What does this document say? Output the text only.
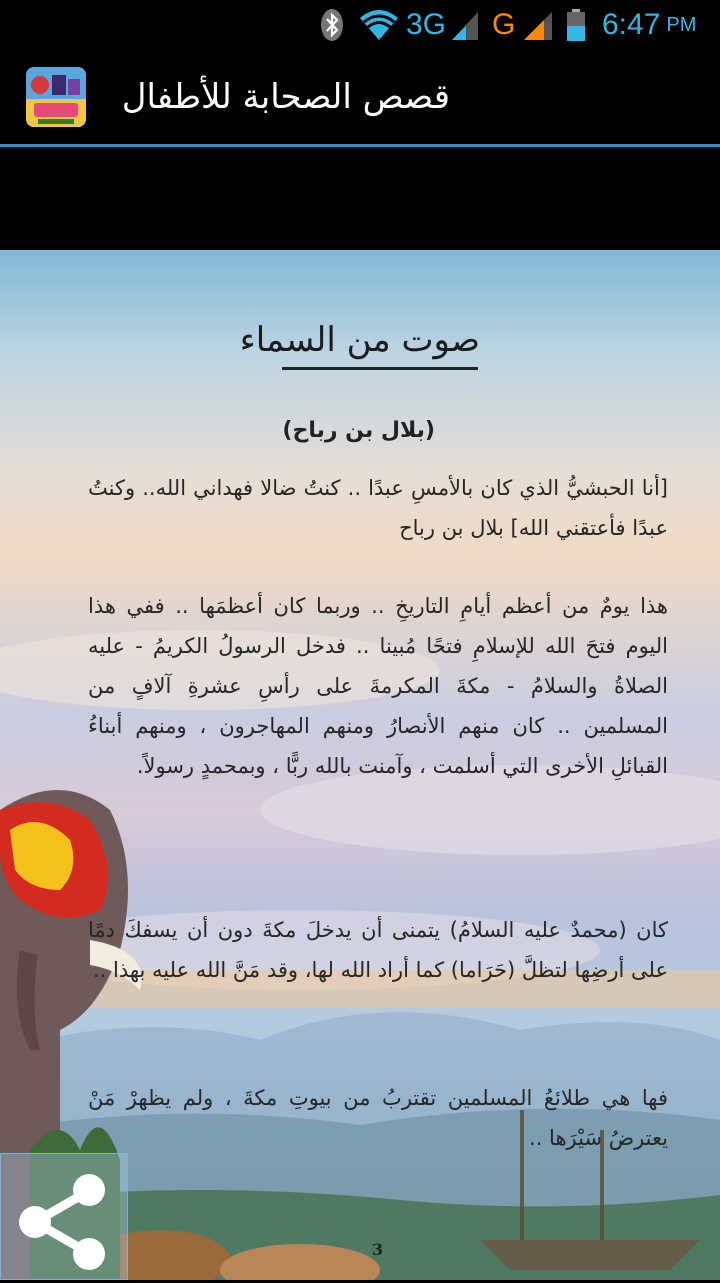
3G G	6:47 PM
قصص الصحابة للأطفال
صوت من السماء
(بلال بن رباح)
[أنا الحبشيُّ الذي كان بالأمسِ عبدًا .. كنتُ ضالا فهداني الله.. وكنتُ عبدًا فأعتقني الله] بلال بن رباح
هذا يومٌ من أعظم أيامِ التاريخِ .. وربما كان أعظمَها .. ففي هذا اليوم فتحَ الله للإسلامِ فتحًا مُبينا .. فدخل الرسولُ الكريمُ - عليه الصلاةُ والسلامُ - مكةَ المكرمةَ على رأسِ عشرةِ آلافٍ من المسلمين .. كان منهم الأنصارُ ومنهم المهاجرون ، ومنهم أبناءُ القبائلِ الأخرى التي أسلمت ، وآمنت بالله ربًّا ، وبمحمدٍ رسولاً.
كان (محمدٌ عليه السلامُ) يتمنى أن يدخلَ مكةَ دون أن يسفكَ دمًا على أرضِها لتظلَّ (حَرَاما) كما أراد الله لها، وقد مَنَّ الله عليه بهذا ..
فها هي طلائعُ المسلمين تقتربُ من بيوتِ مكةَ ، ولم يظهرْ مَنْ يعترضُ سَيْرَها ..
3
